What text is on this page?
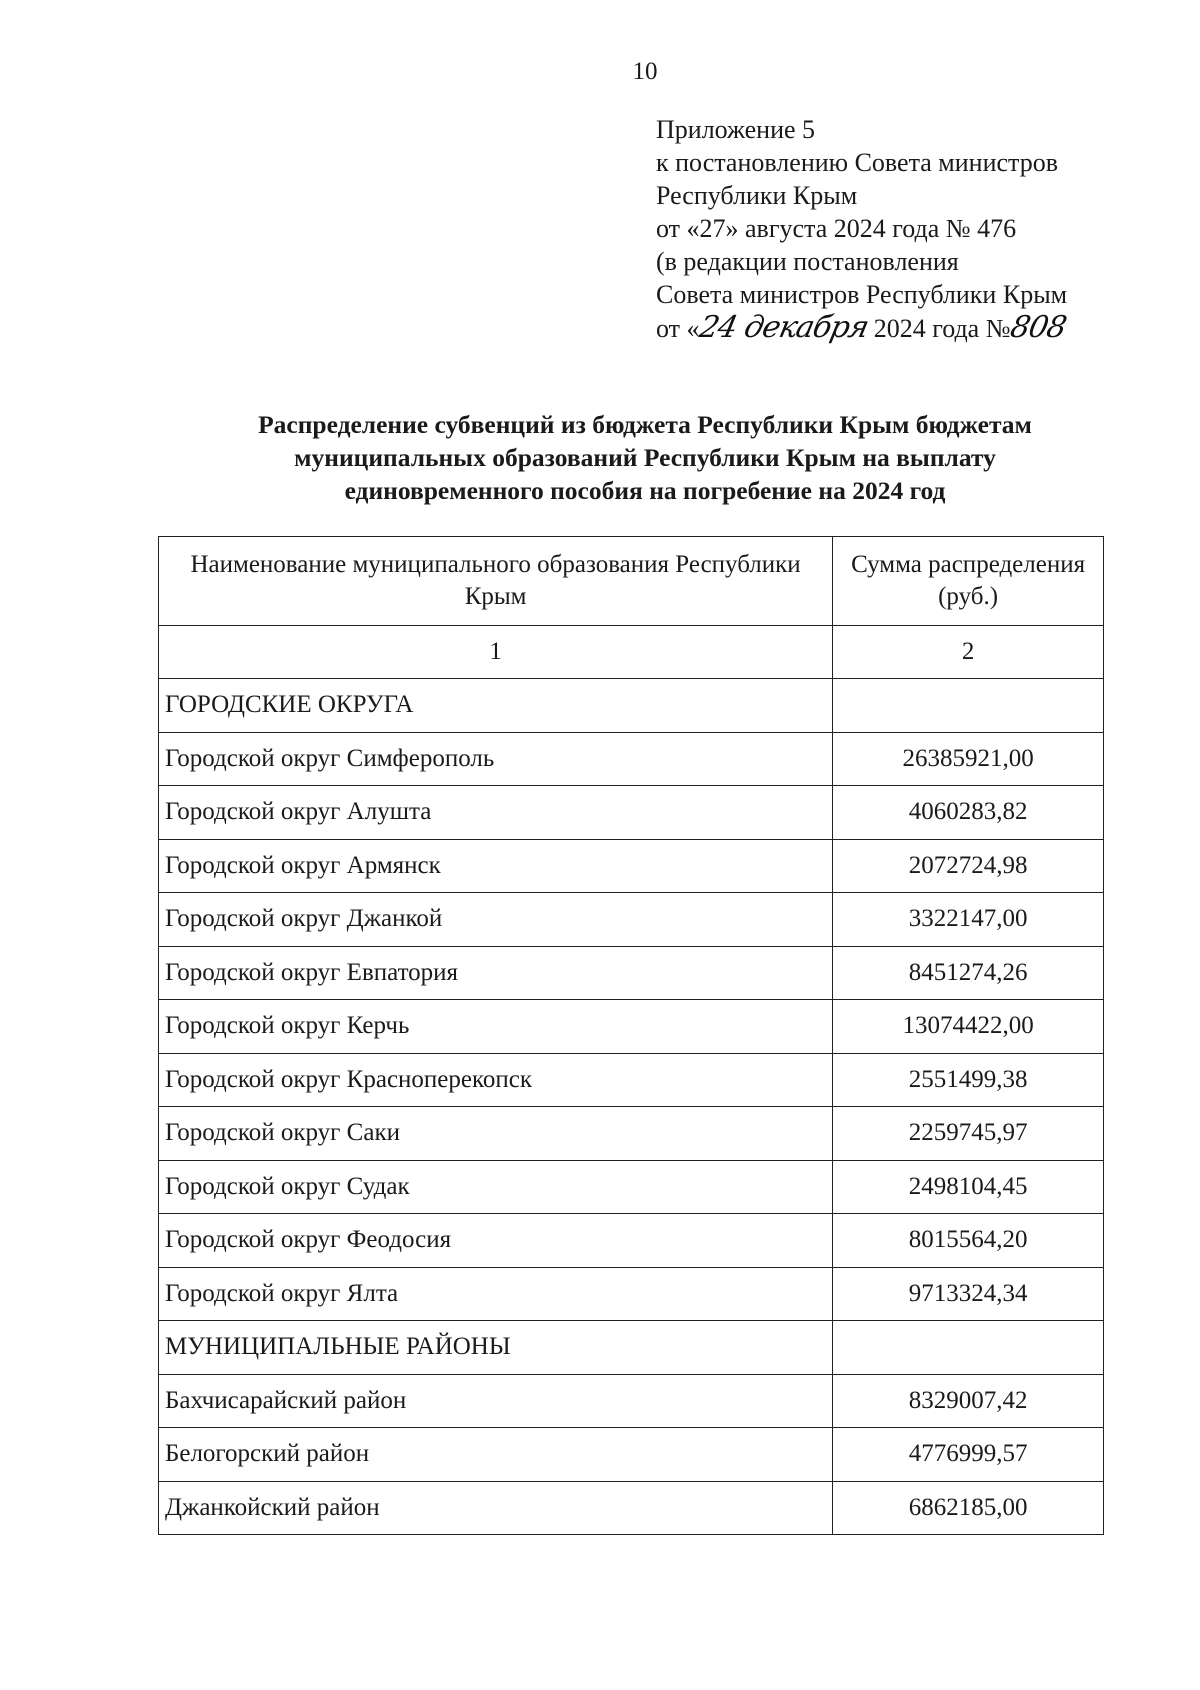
10
Приложение 5
к постановлению Совета министров
Республики Крым
от «27» августа 2024 года № 476
(в редакции постановления
Совета министров Республики Крым
от «24 декабря 2024 года №808
Распределение субвенций из бюджета Республики Крым бюджетам
муниципальных образований Республики Крым на выплату
единовременного пособия на погребение на 2024 год
Наименование муниципального образования Республики Крым	Сумма распределения (руб.)
1	2
ГОРОДСКИЕ ОКРУГА	
Городской округ Симферополь	26385921,00
Городской округ Алушта	4060283,82
Городской округ Армянск	2072724,98
Городской округ Джанкой	3322147,00
Городской округ Евпатория	8451274,26
Городской округ Керчь	13074422,00
Городской округ Красноперекопск	2551499,38
Городской округ Саки	2259745,97
Городской округ Судак	2498104,45
Городской округ Феодосия	8015564,20
Городской округ Ялта	9713324,34
МУНИЦИПАЛЬНЫЕ РАЙОНЫ	
Бахчисарайский район	8329007,42
Белогорский район	4776999,57
Джанкойский район	6862185,00
